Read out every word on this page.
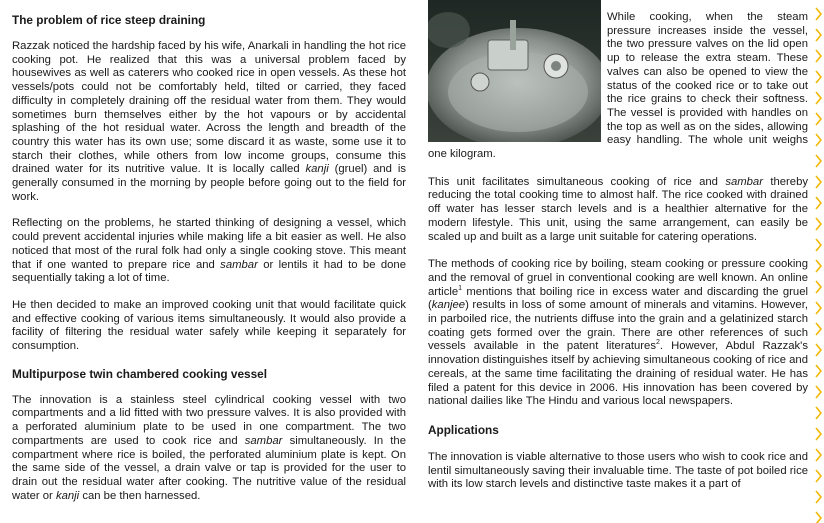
The problem of rice steep draining

Razzak noticed the hardship faced by his wife, Anarkali in handling the hot rice cooking pot. He realized that this was a universal problem faced by housewives as well as caterers who cooked rice in open vessels. As these hot vessels/pots could not be comfortably held, tilted or carried, they faced difficulty in completely draining off the residual water from them. They would sometimes burn themselves either by the hot vapours or by accidental splashing of the hot residual water. Across the length and breadth of the country this water has its own use; some discard it as waste, some use it to starch their clothes, while others from low income groups, consume this drained water for its nutritive value. It is locally called kanji (gruel) and is generally consumed in the morning by people before going out to the field for work.

Reflecting on the problems, he started thinking of designing a vessel, which could prevent accidental injuries while making life a bit easier as well. He also noticed that most of the rural folk had only a single cooking stove. This meant that if one wanted to prepare rice and sambar or lentils it had to be done sequentially taking a lot of time.

He then decided to make an improved cooking unit that would facilitate quick and effective cooking of various items simultaneously. It would also provide a facility of filtering the residual water safely while keeping it separately for consumption.

Multipurpose twin chambered cooking vessel

The innovation is a stainless steel cylindrical cooking vessel with two compartments and a lid fitted with two pressure valves. It is also provided with a perforated aluminium plate to be used in one compartment. The two compartments are used to cook rice and sambar simultaneously. In the compartment where rice is boiled, the perforated aluminium plate is kept. On the same side of the vessel, a drain valve or tap is provided for the user to drain out the residual water after cooking. The nutritive value of the residual water or kanji can be then harnessed.

While cooking, when the steam pressure increases inside the vessel, the two pressure valves on the lid open up to release the extra steam. These valves can also be opened to view the status of the cooked rice or to take out the rice grains to check their softness. The vessel is provided with handles on the top as well as on the sides, allowing easy handling. The whole unit weighs one kilogram.

This unit facilitates simultaneous cooking of rice and sambar thereby reducing the total cooking time to almost half. The rice cooked with drained off water has lesser starch levels and is a healthier alternative for the modern lifestyle. This unit, using the same arrangement, can easily be scaled up and built as a large unit suitable for catering operations.

The methods of cooking rice by boiling, steam cooking or pressure cooking and the removal of gruel in conventional cooking are well known. An online article$^1$ mentions that boiling rice in excess water and discarding the gruel (kanjee) results in loss of some amount of minerals and vitamins. However, in parboiled rice, the nutrients diffuse into the grain and a gelatinized starch coating gets formed over the grain. There are other references of such vessels available in the patent literatures$^2$. However, Abdul Razzak's innovation distinguishes itself by achieving simultaneous cooking of rice and cereals, at the same time facilitating the draining of residual water. He has filed a patent for this device in 2006. His innovation has been covered by national dailies like The Hindu and various local newspapers.

Applications

The innovation is viable alternative to those users who wish to cook rice and lentil simultaneously saving their invaluable time. The taste of pot boiled rice with its low starch levels and distinctive taste makes it a part of
